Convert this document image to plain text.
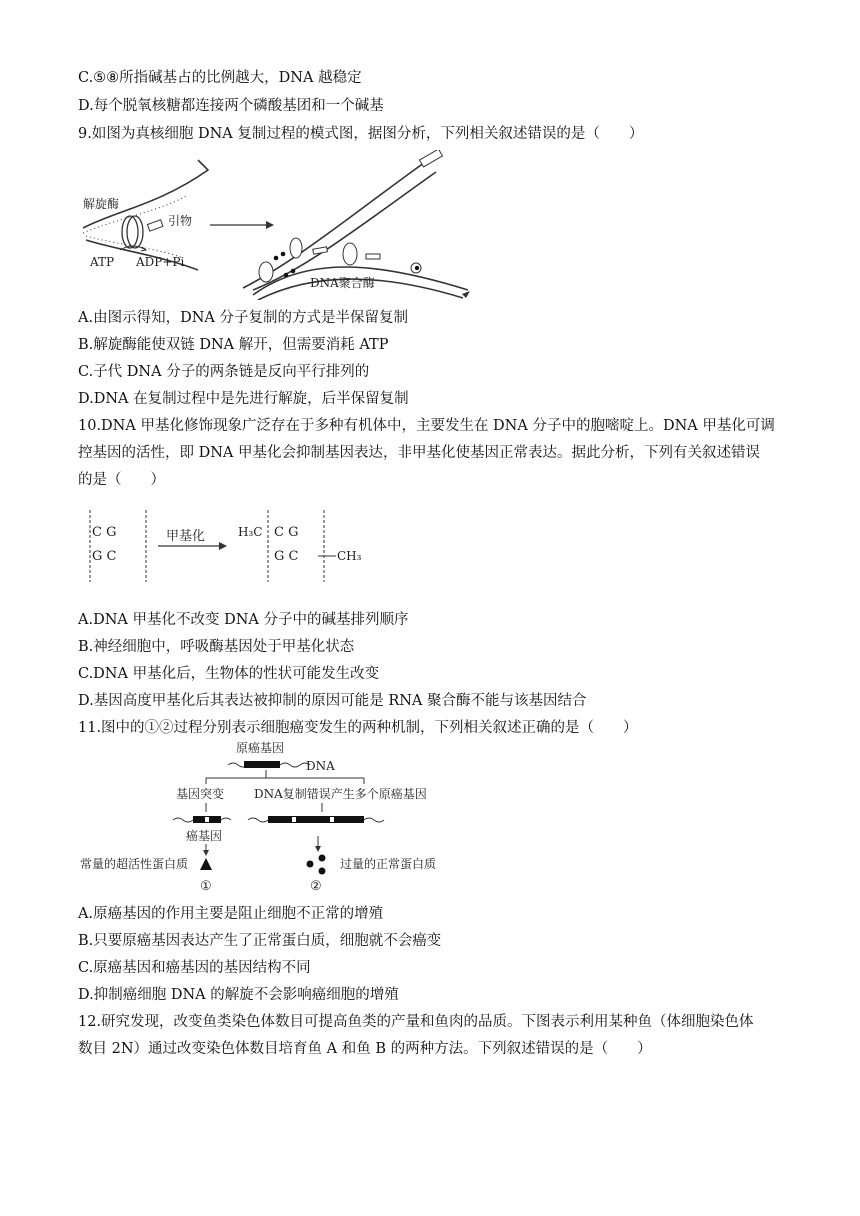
C.⑤⑧所指碱基占的比例越大，DNA 越稳定
D.每个脱氧核糖都连接两个磷酸基团和一个碱基
9.如图为真核细胞 DNA 复制过程的模式图，据图分析，下列相关叙述错误的是（　　）
解旋酶
引物
ATP ADP+Pi
DNA聚合酶
A.由图示得知，DNA 分子复制的方式是半保留复制
B.解旋酶能使双链 DNA 解开，但需要消耗 ATP
C.子代 DNA 分子的两条链是反向平行排列的
D.DNA 在复制过程中是先进行解旋，后半保留复制
10.DNA 甲基化修饰现象广泛存在于多种有机体中，主要发生在 DNA 分子中的胞嘧啶上。DNA 甲基化可调
控基因的活性，即 DNA 甲基化会抑制基因表达，非甲基化使基因正常表达。据此分析，下列有关叙述错误
的是（　　）
C G
G C
甲基化	H₃C C G
G C	CH₃
A.DNA 甲基化不改变 DNA 分子中的碱基排列顺序
B.神经细胞中，呼吸酶基因处于甲基化状态
C.DNA 甲基化后，生物体的性状可能发生改变
D.基因高度甲基化后其表达被抑制的原因可能是 RNA 聚合酶不能与该基因结合
11.图中的①②过程分别表示细胞癌变发生的两种机制，下列相关叙述正确的是（　　）
原癌基因
DNA
基因突变 DNA复制错误产生多个原癌基因
癌基因
常量的超活性蛋白质	过量的正常蛋白质
①	②
A.原癌基因的作用主要是阻止细胞不正常的增殖
B.只要原癌基因表达产生了正常蛋白质，细胞就不会癌变
C.原癌基因和癌基因的基因结构不同
D.抑制癌细胞 DNA 的解旋不会影响癌细胞的增殖
12.研究发现，改变鱼类染色体数目可提高鱼类的产量和鱼肉的品质。下图表示利用某种鱼（体细胞染色体
数目 2N）通过改变染色体数目培育鱼 A 和鱼 B 的两种方法。下列叙述错误的是（　　）
